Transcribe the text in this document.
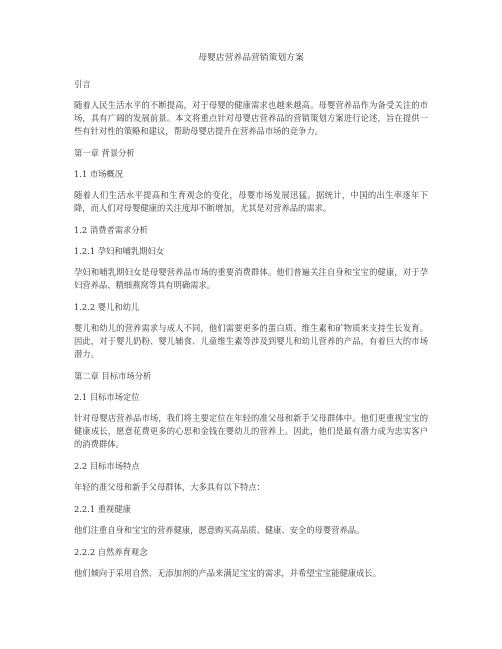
母婴店营养品营销策划方案
引言
随着人民生活水平的不断提高，对于母婴的健康需求也越来越高。母婴营养品作为备受关注的市场，具有广阔的发展前景。本文将重点针对母婴店营养品的营销策划方案进行论述，旨在提供一些有针对性的策略和建议，帮助母婴店提升在营养品市场的竞争力。
第一章 背景分析
1.1 市场概况
随着人们生活水平提高和生育观念的变化，母婴市场发展迅猛。据统计，中国的出生率逐年下降，而人们对母婴健康的关注度却不断增加，尤其是对营养品的需求。
1.2 消费者需求分析
1.2.1 孕妇和哺乳期妇女
孕妇和哺乳期妇女是母婴营养品市场的重要消费群体。他们普遍关注自身和宝宝的健康，对于孕妇营养品、精细燕窝等具有明确需求。
1.2.2 婴儿和幼儿
婴儿和幼儿的营养需求与成人不同，他们需要更多的蛋白质、维生素和矿物质来支持生长发育。因此，对于婴儿奶粉、婴儿辅食、儿童维生素等涉及到婴儿和幼儿营养的产品，有着巨大的市场潜力。
第二章 目标市场分析
2.1 目标市场定位
针对母婴店营养品市场，我们将主要定位在年轻的准父母和新手父母群体中。他们更重视宝宝的健康成长，愿意花费更多的心思和金钱在婴幼儿的营养上。因此，他们是最有潜力成为忠实客户的消费群体。
2.2 目标市场特点
年轻的准父母和新手父母群体，大多具有以下特点：
2.2.1 重视健康
他们注重自身和宝宝的营养健康，愿意购买高品质、健康、安全的母婴营养品。
2.2.2 自然养育观念
他们倾向于采用自然、无添加剂的产品来满足宝宝的需求，并希望宝宝能健康成长。
